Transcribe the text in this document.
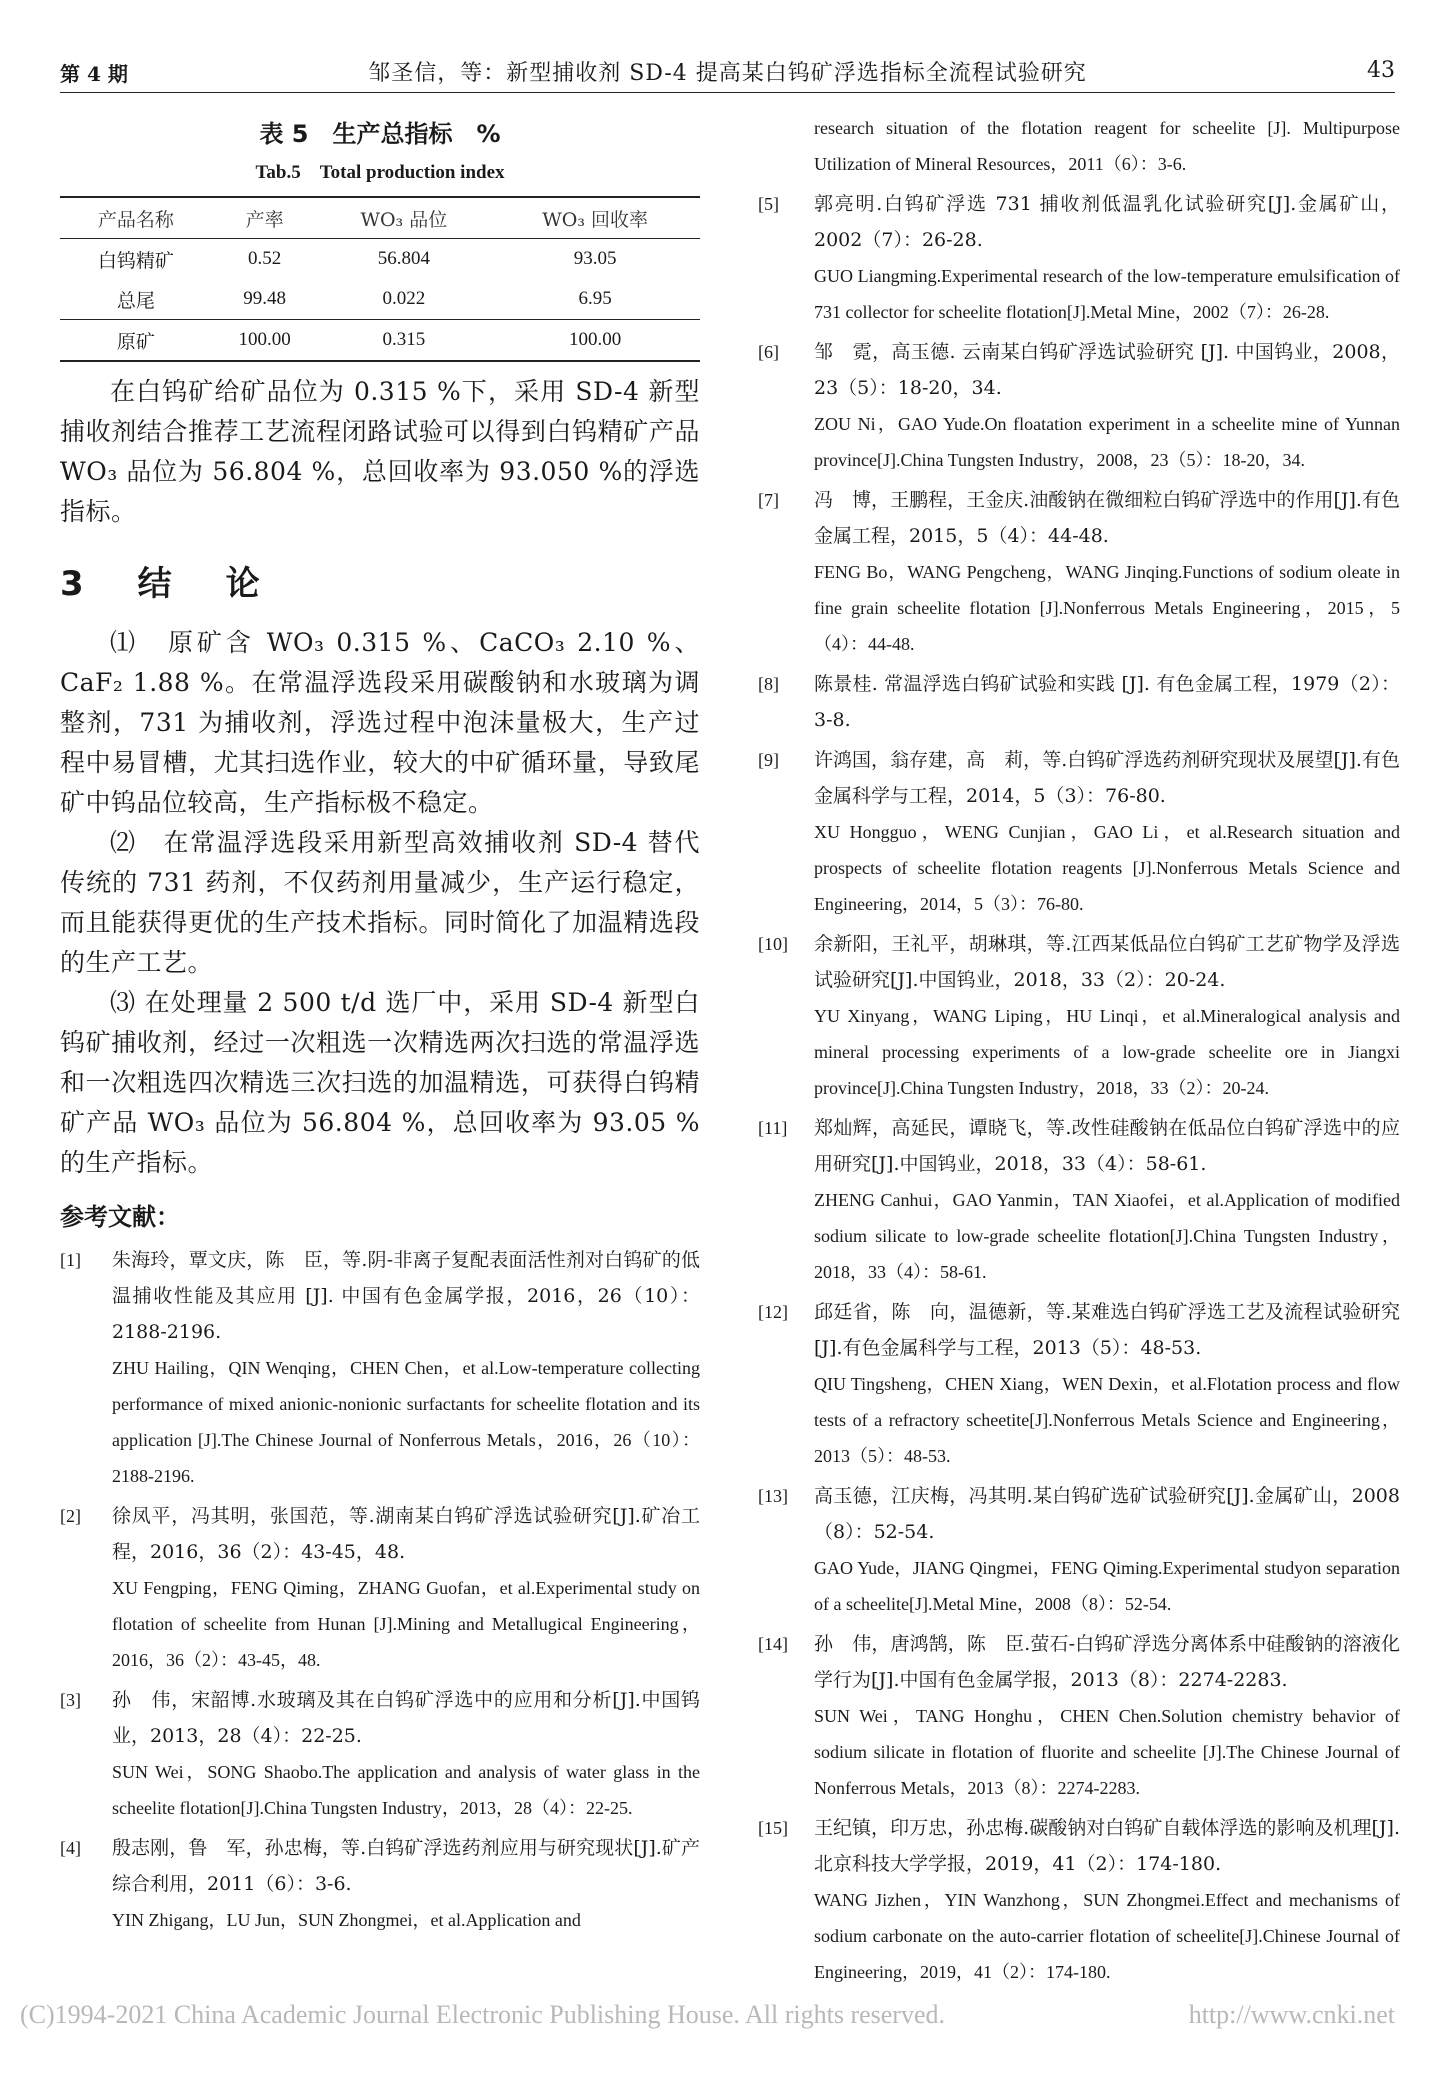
第 4 期	邹圣信，等：新型捕收剂 SD-4 提高某白钨矿浮选指标全流程试验研究	43
表 5　生产总指标　%
Tab.5　Total production index
产品名称	产率	WO₃ 品位	WO₃ 回收率
白钨精矿	0.52	56.804	93.05
总尾	99.48	0.022	6.95
原矿	100.00	0.315	100.00

在白钨矿给矿品位为 0.315 %下，采用 SD-4 新型捕收剂结合推荐工艺流程闭路试验可以得到白钨精矿产品 WO₃ 品位为 56.804 %，总回收率为 93.050 %的浮选指标。

3　结　论

⑴　原矿含 WO₃ 0.315 %、CaCO₃ 2.10 %、CaF₂ 1.88 %。在常温浮选段采用碳酸钠和水玻璃为调整剂，731 为捕收剂，浮选过程中泡沫量极大，生产过程中易冒槽，尤其扫选作业，较大的中矿循环量，导致尾矿中钨品位较高，生产指标极不稳定。

⑵　在常温浮选段采用新型高效捕收剂 SD-4 替代传统的 731 药剂，不仅药剂用量减少，生产运行稳定，而且能获得更优的生产技术指标。同时简化了加温精选段的生产工艺。

⑶ 在处理量 2 500 t/d 选厂中，采用 SD-4 新型白钨矿捕收剂，经过一次粗选一次精选两次扫选的常温浮选和一次粗选四次精选三次扫选的加温精选，可获得白钨精矿产品 WO₃ 品位为 56.804 %，总回收率为 93.05 %的生产指标。

参考文献：
[1] 朱海玲，覃文庆，陈　臣，等.阴-非离子复配表面活性剂对白钨矿的低温捕收性能及其应用 [J]. 中国有色金属学报，2016，26（10）：2188-2196.
ZHU Hailing，QIN Wenqing，CHEN Chen，et al.Low-temperature collecting performance of mixed anionic-nonionic surfactants for scheelite flotation and its application [J].The Chinese Journal of Nonferrous Metals，2016，26（10）：2188-2196.
[2] 徐凤平，冯其明，张国范，等.湖南某白钨矿浮选试验研究[J].矿冶工程，2016，36（2）：43-45，48.
XU Fengping，FENG Qiming，ZHANG Guofan，et al.Experimental study on flotation of scheelite from Hunan [J].Mining and Metallugical Engineering，2016，36（2）：43-45，48.
[3] 孙　伟，宋韶博.水玻璃及其在白钨矿浮选中的应用和分析[J].中国钨业，2013，28（4）：22-25.
SUN Wei，SONG Shaobo.The application and analysis of water glass in the scheelite flotation[J].China Tungsten Industry，2013，28（4）：22-25.
[4] 殷志刚，鲁　军，孙忠梅，等.白钨矿浮选药剂应用与研究现状[J].矿产综合利用，2011（6）：3-6.
YIN Zhigang，LU Jun，SUN Zhongmei，et al.Application and
research situation of the flotation reagent for scheelite [J]. Multipurpose Utilization of Mineral Resources，2011（6）：3-6.
[5] 郭亮明.白钨矿浮选 731 捕收剂低温乳化试验研究[J].金属矿山，2002（7）：26-28.
GUO Liangming.Experimental research of the low-temperature emulsification of 731 collector for scheelite flotation[J].Metal Mine，2002（7）：26-28.
[6] 邹　霓，高玉德. 云南某白钨矿浮选试验研究 [J]. 中国钨业，2008，23（5）：18-20，34.
ZOU Ni，GAO Yude.On floatation experiment in a scheelite mine of Yunnan province[J].China Tungsten Industry，2008，23（5）：18-20，34.
[7] 冯　博，王鹏程，王金庆.油酸钠在微细粒白钨矿浮选中的作用[J].有色金属工程，2015，5（4）：44-48.
FENG Bo，WANG Pengcheng，WANG Jinqing.Functions of sodium oleate in fine grain scheelite flotation [J].Nonferrous Metals Engineering，2015，5（4）：44-48.
[8] 陈景桂. 常温浮选白钨矿试验和实践 [J]. 有色金属工程，1979（2）：3-8.
[9] 许鸿国，翁存建，高　莉，等.白钨矿浮选药剂研究现状及展望[J].有色金属科学与工程，2014，5（3）：76-80.
XU Hongguo，WENG Cunjian，GAO Li，et al.Research situation and prospects of scheelite flotation reagents [J].Nonferrous Metals Science and Engineering，2014，5（3）：76-80.
[10] 余新阳，王礼平，胡琳琪，等.江西某低品位白钨矿工艺矿物学及浮选试验研究[J].中国钨业，2018，33（2）：20-24.
YU Xinyang，WANG Liping，HU Linqi，et al.Mineralogical analysis and mineral processing experiments of a low-grade scheelite ore in Jiangxi province[J].China Tungsten Industry，2018，33（2）：20-24.
[11] 郑灿辉，高延民，谭晓飞，等.改性硅酸钠在低品位白钨矿浮选中的应用研究[J].中国钨业，2018，33（4）：58-61.
ZHENG Canhui，GAO Yanmin，TAN Xiaofei，et al.Application of modified sodium silicate to low-grade scheelite flotation[J].China Tungsten Industry，2018，33（4）：58-61.
[12] 邱廷省，陈　向，温德新，等.某难选白钨矿浮选工艺及流程试验研究[J].有色金属科学与工程，2013（5）：48-53.
QIU Tingsheng，CHEN Xiang，WEN Dexin，et al.Flotation process and flow tests of a refractory scheetite[J].Nonferrous Metals Science and Engineering，2013（5）：48-53.
[13] 高玉德，江庆梅，冯其明.某白钨矿选矿试验研究[J].金属矿山，2008（8）：52-54.
GAO Yude，JIANG Qingmei，FENG Qiming.Experimental studyon separation of a scheelite[J].Metal Mine，2008（8）：52-54.
[14] 孙　伟，唐鸿鹄，陈　臣.萤石-白钨矿浮选分离体系中硅酸钠的溶液化学行为[J].中国有色金属学报，2013（8）：2274-2283.
SUN Wei，TANG Honghu，CHEN Chen.Solution chemistry behavior of sodium silicate in flotation of fluorite and scheelite [J].The Chinese Journal of Nonferrous Metals，2013（8）：2274-2283.
[15] 王纪镇，印万忠，孙忠梅.碳酸钠对白钨矿自载体浮选的影响及机理[J].北京科技大学学报，2019，41（2）：174-180.
WANG Jizhen，YIN Wanzhong，SUN Zhongmei.Effect and mechanisms of sodium carbonate on the auto-carrier flotation of scheelite[J].Chinese Journal of Engineering，2019，41（2）：174-180.
(C)1994-2021 China Academic Journal Electronic Publishing House. All rights reserved.	http://www.cnki.net
